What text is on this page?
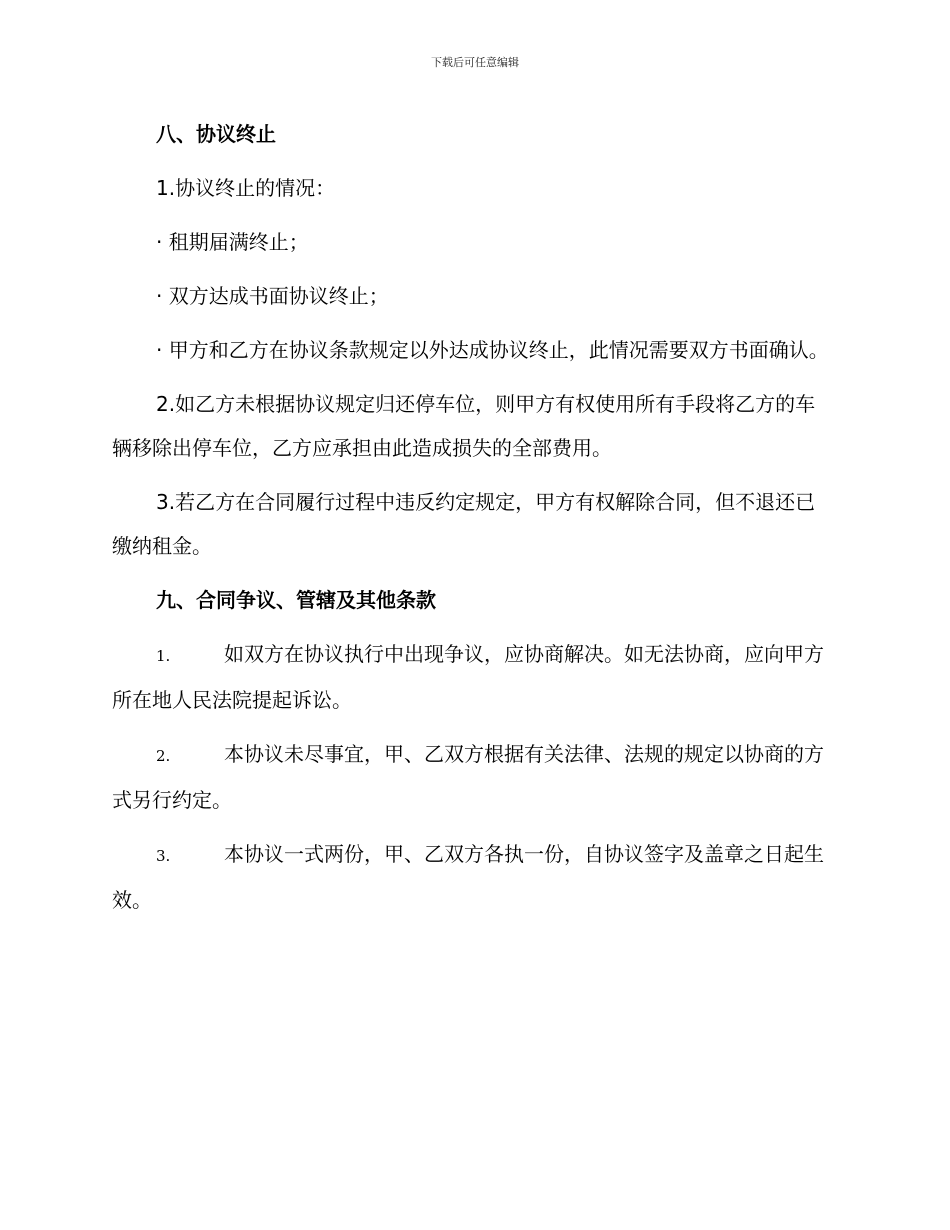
下载后可任意编辑

八、协议终止

1.协议终止的情况：

· 租期届满终止；

· 双方达成书面协议终止；

· 甲方和乙方在协议条款规定以外达成协议终止，此情况需要双方书面确认。

2.如乙方未根据协议规定归还停车位，则甲方有权使用所有手段将乙方的车辆移除出停车位，乙方应承担由此造成损失的全部费用。

3.若乙方在合同履行过程中违反约定规定，甲方有权解除合同，但不退还已缴纳租金。

九、合同争议、管辖及其他条款

1.	如双方在协议执行中出现争议，应协商解决。如无法协商，应向甲方所在地人民法院提起诉讼。

2.	本协议未尽事宜，甲、乙双方根据有关法律、法规的规定以协商的方式另行约定。

3.	本协议一式两份，甲、乙双方各执一份，自协议签字及盖章之日起生效。
